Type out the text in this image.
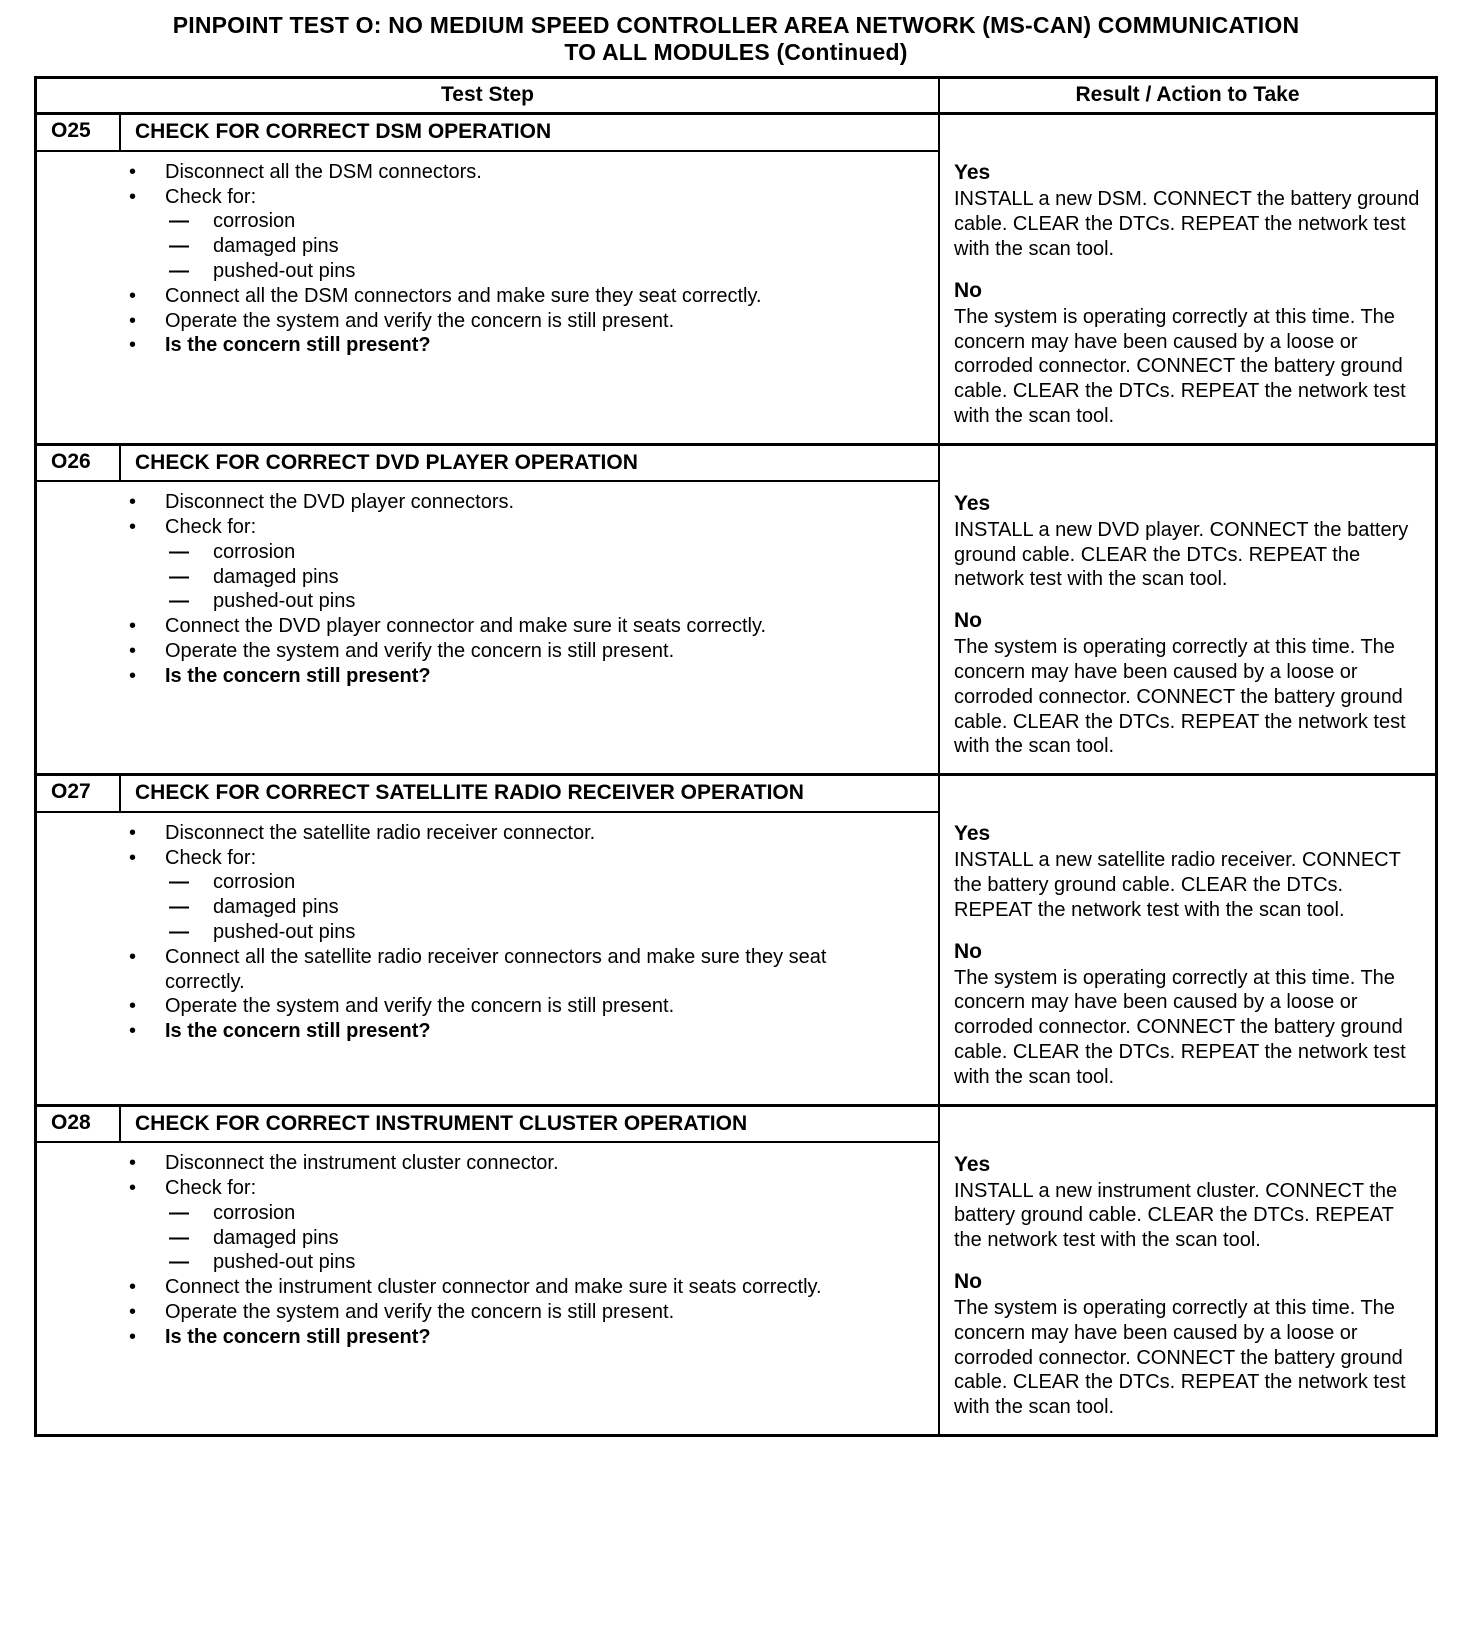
PINPOINT TEST O: NO MEDIUM SPEED CONTROLLER AREA NETWORK (MS-CAN) COMMUNICATION
TO ALL MODULES (Continued)
Test Step	Result / Action to Take
O25	CHECK FOR CORRECT DSM OPERATION
•	Disconnect all the DSM connectors.
•	Check for:
—	corrosion
—	damaged pins
—	pushed-out pins
•	Connect all the DSM connectors and make sure they seat correctly.
•	Operate the system and verify the concern is still present.
•	Is the concern still present?
Yes
INSTALL a new DSM. CONNECT the battery ground cable. CLEAR the DTCs. REPEAT the network test with the scan tool.
No
The system is operating correctly at this time. The concern may have been caused by a loose or corroded connector. CONNECT the battery ground cable. CLEAR the DTCs. REPEAT the network test with the scan tool.
O26	CHECK FOR CORRECT DVD PLAYER OPERATION
•	Disconnect the DVD player connectors.
•	Check for:
—	corrosion
—	damaged pins
—	pushed-out pins
•	Connect the DVD player connector and make sure it seats correctly.
•	Operate the system and verify the concern is still present.
•	Is the concern still present?
Yes
INSTALL a new DVD player. CONNECT the battery ground cable. CLEAR the DTCs. REPEAT the network test with the scan tool.
No
The system is operating correctly at this time. The concern may have been caused by a loose or corroded connector. CONNECT the battery ground cable. CLEAR the DTCs. REPEAT the network test with the scan tool.
O27	CHECK FOR CORRECT SATELLITE RADIO RECEIVER OPERATION
•	Disconnect the satellite radio receiver connector.
•	Check for:
—	corrosion
—	damaged pins
—	pushed-out pins
•	Connect all the satellite radio receiver connectors and make sure they seat correctly.
•	Operate the system and verify the concern is still present.
•	Is the concern still present?
Yes
INSTALL a new satellite radio receiver. CONNECT the battery ground cable. CLEAR the DTCs. REPEAT the network test with the scan tool.
No
The system is operating correctly at this time. The concern may have been caused by a loose or corroded connector. CONNECT the battery ground cable. CLEAR the DTCs. REPEAT the network test with the scan tool.
O28	CHECK FOR CORRECT INSTRUMENT CLUSTER OPERATION
•	Disconnect the instrument cluster connector.
•	Check for:
—	corrosion
—	damaged pins
—	pushed-out pins
•	Connect the instrument cluster connector and make sure it seats correctly.
•	Operate the system and verify the concern is still present.
•	Is the concern still present?
Yes
INSTALL a new instrument cluster. CONNECT the battery ground cable. CLEAR the DTCs. REPEAT the network test with the scan tool.
No
The system is operating correctly at this time. The concern may have been caused by a loose or corroded connector. CONNECT the battery ground cable. CLEAR the DTCs. REPEAT the network test with the scan tool.
